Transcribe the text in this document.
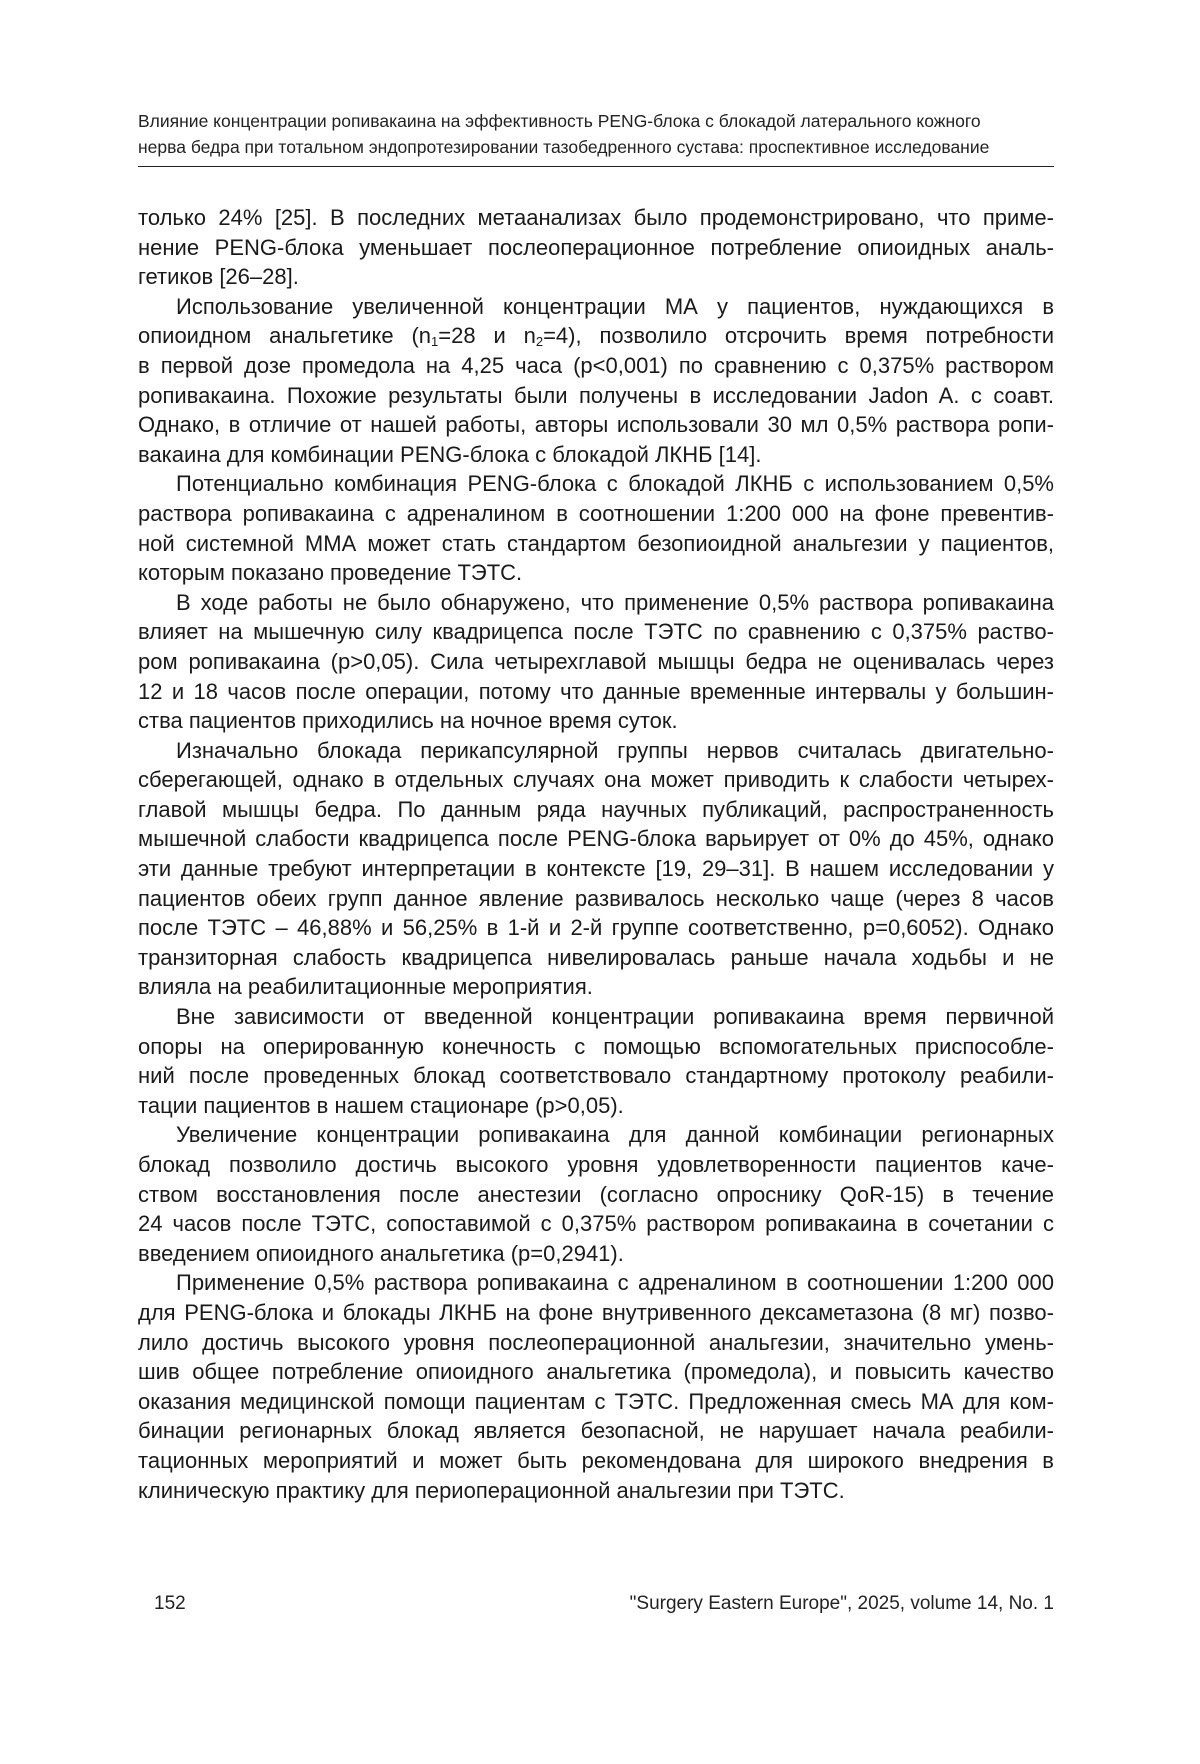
Влияние концентрации ропивакаина на эффективность PENG-блока с блокадой латерального кожного
нерва бедра при тотальном эндопротезировании тазобедренного сустава: проспективное исследование
только 24% [25]. В последних метаанализах было продемонстрировано, что приме-
нение PENG-блока уменьшает послеоперационное потребление опиоидных аналь-
гетиков [26–28].
Использование увеличенной концентрации МА у пациентов, нуждающихся в
опиоидном анальгетике ($n_1=28$ и $n_2=4$), позволило отсрочить время потребности
в первой дозе промедола на 4,25 часа (p<0,001) по сравнению с 0,375% раствором
ропивакаина. Похожие результаты были получены в исследовании Jadon A. с соавт.
Однако, в отличие от нашей работы, авторы использовали 30 мл 0,5% раствора ропи-
вакаина для комбинации PENG-блока с блокадой ЛКНБ [14].
Потенциально комбинация PENG-блока с блокадой ЛКНБ с использованием 0,5%
раствора ропивакаина с адреналином в соотношении 1:200 000 на фоне превентив-
ной системной ММА может стать стандартом безопиоидной анальгезии у пациентов,
которым показано проведение ТЭТС.
В ходе работы не было обнаружено, что применение 0,5% раствора ропивакаина
влияет на мышечную силу квадрицепса после ТЭТС по сравнению с 0,375% раство-
ром ропивакаина (p>0,05). Сила четырехглавой мышцы бедра не оценивалась через
12 и 18 часов после операции, потому что данные временные интервалы у большин-
ства пациентов приходились на ночное время суток.
Изначально блокада перикапсулярной группы нервов считалась двигательно-
сберегающей, однако в отдельных случаях она может приводить к слабости четырех-
главой мышцы бедра. По данным ряда научных публикаций, распространенность
мышечной слабости квадрицепса после PENG-блока варьирует от 0% до 45%, однако
эти данные требуют интерпретации в контексте [19, 29–31]. В нашем исследовании у
пациентов обеих групп данное явление развивалось несколько чаще (через 8 часов
после ТЭТС – 46,88% и 56,25% в 1-й и 2-й группе соответственно, p=0,6052). Однако
транзиторная слабость квадрицепса нивелировалась раньше начала ходьбы и не
влияла на реабилитационные мероприятия.
Вне зависимости от введенной концентрации ропивакаина время первичной
опоры на оперированную конечность с помощью вспомогательных приспособле-
ний после проведенных блокад соответствовало стандартному протоколу реабили-
тации пациентов в нашем стационаре (p>0,05).
Увеличение концентрации ропивакаина для данной комбинации регионарных
блокад позволило достичь высокого уровня удовлетворенности пациентов каче-
ством восстановления после анестезии (согласно опроснику QoR-15) в течение
24 часов после ТЭТС, сопоставимой с 0,375% раствором ропивакаина в сочетании с
введением опиоидного анальгетика (p=0,2941).
Применение 0,5% раствора ропивакаина с адреналином в соотношении 1:200 000
для PENG-блока и блокады ЛКНБ на фоне внутривенного дексаметазона (8 мг) позво-
лило достичь высокого уровня послеоперационной анальгезии, значительно умень-
шив общее потребление опиоидного анальгетика (промедола), и повысить качество
оказания медицинской помощи пациентам с ТЭТС. Предложенная смесь МА для ком-
бинации регионарных блокад является безопасной, не нарушает начала реабили-
тационных мероприятий и может быть рекомендована для широкого внедрения в
клиническую практику для периоперационной анальгезии при ТЭТС.
152	"Surgery Eastern Europe", 2025, volume 14, No. 1
